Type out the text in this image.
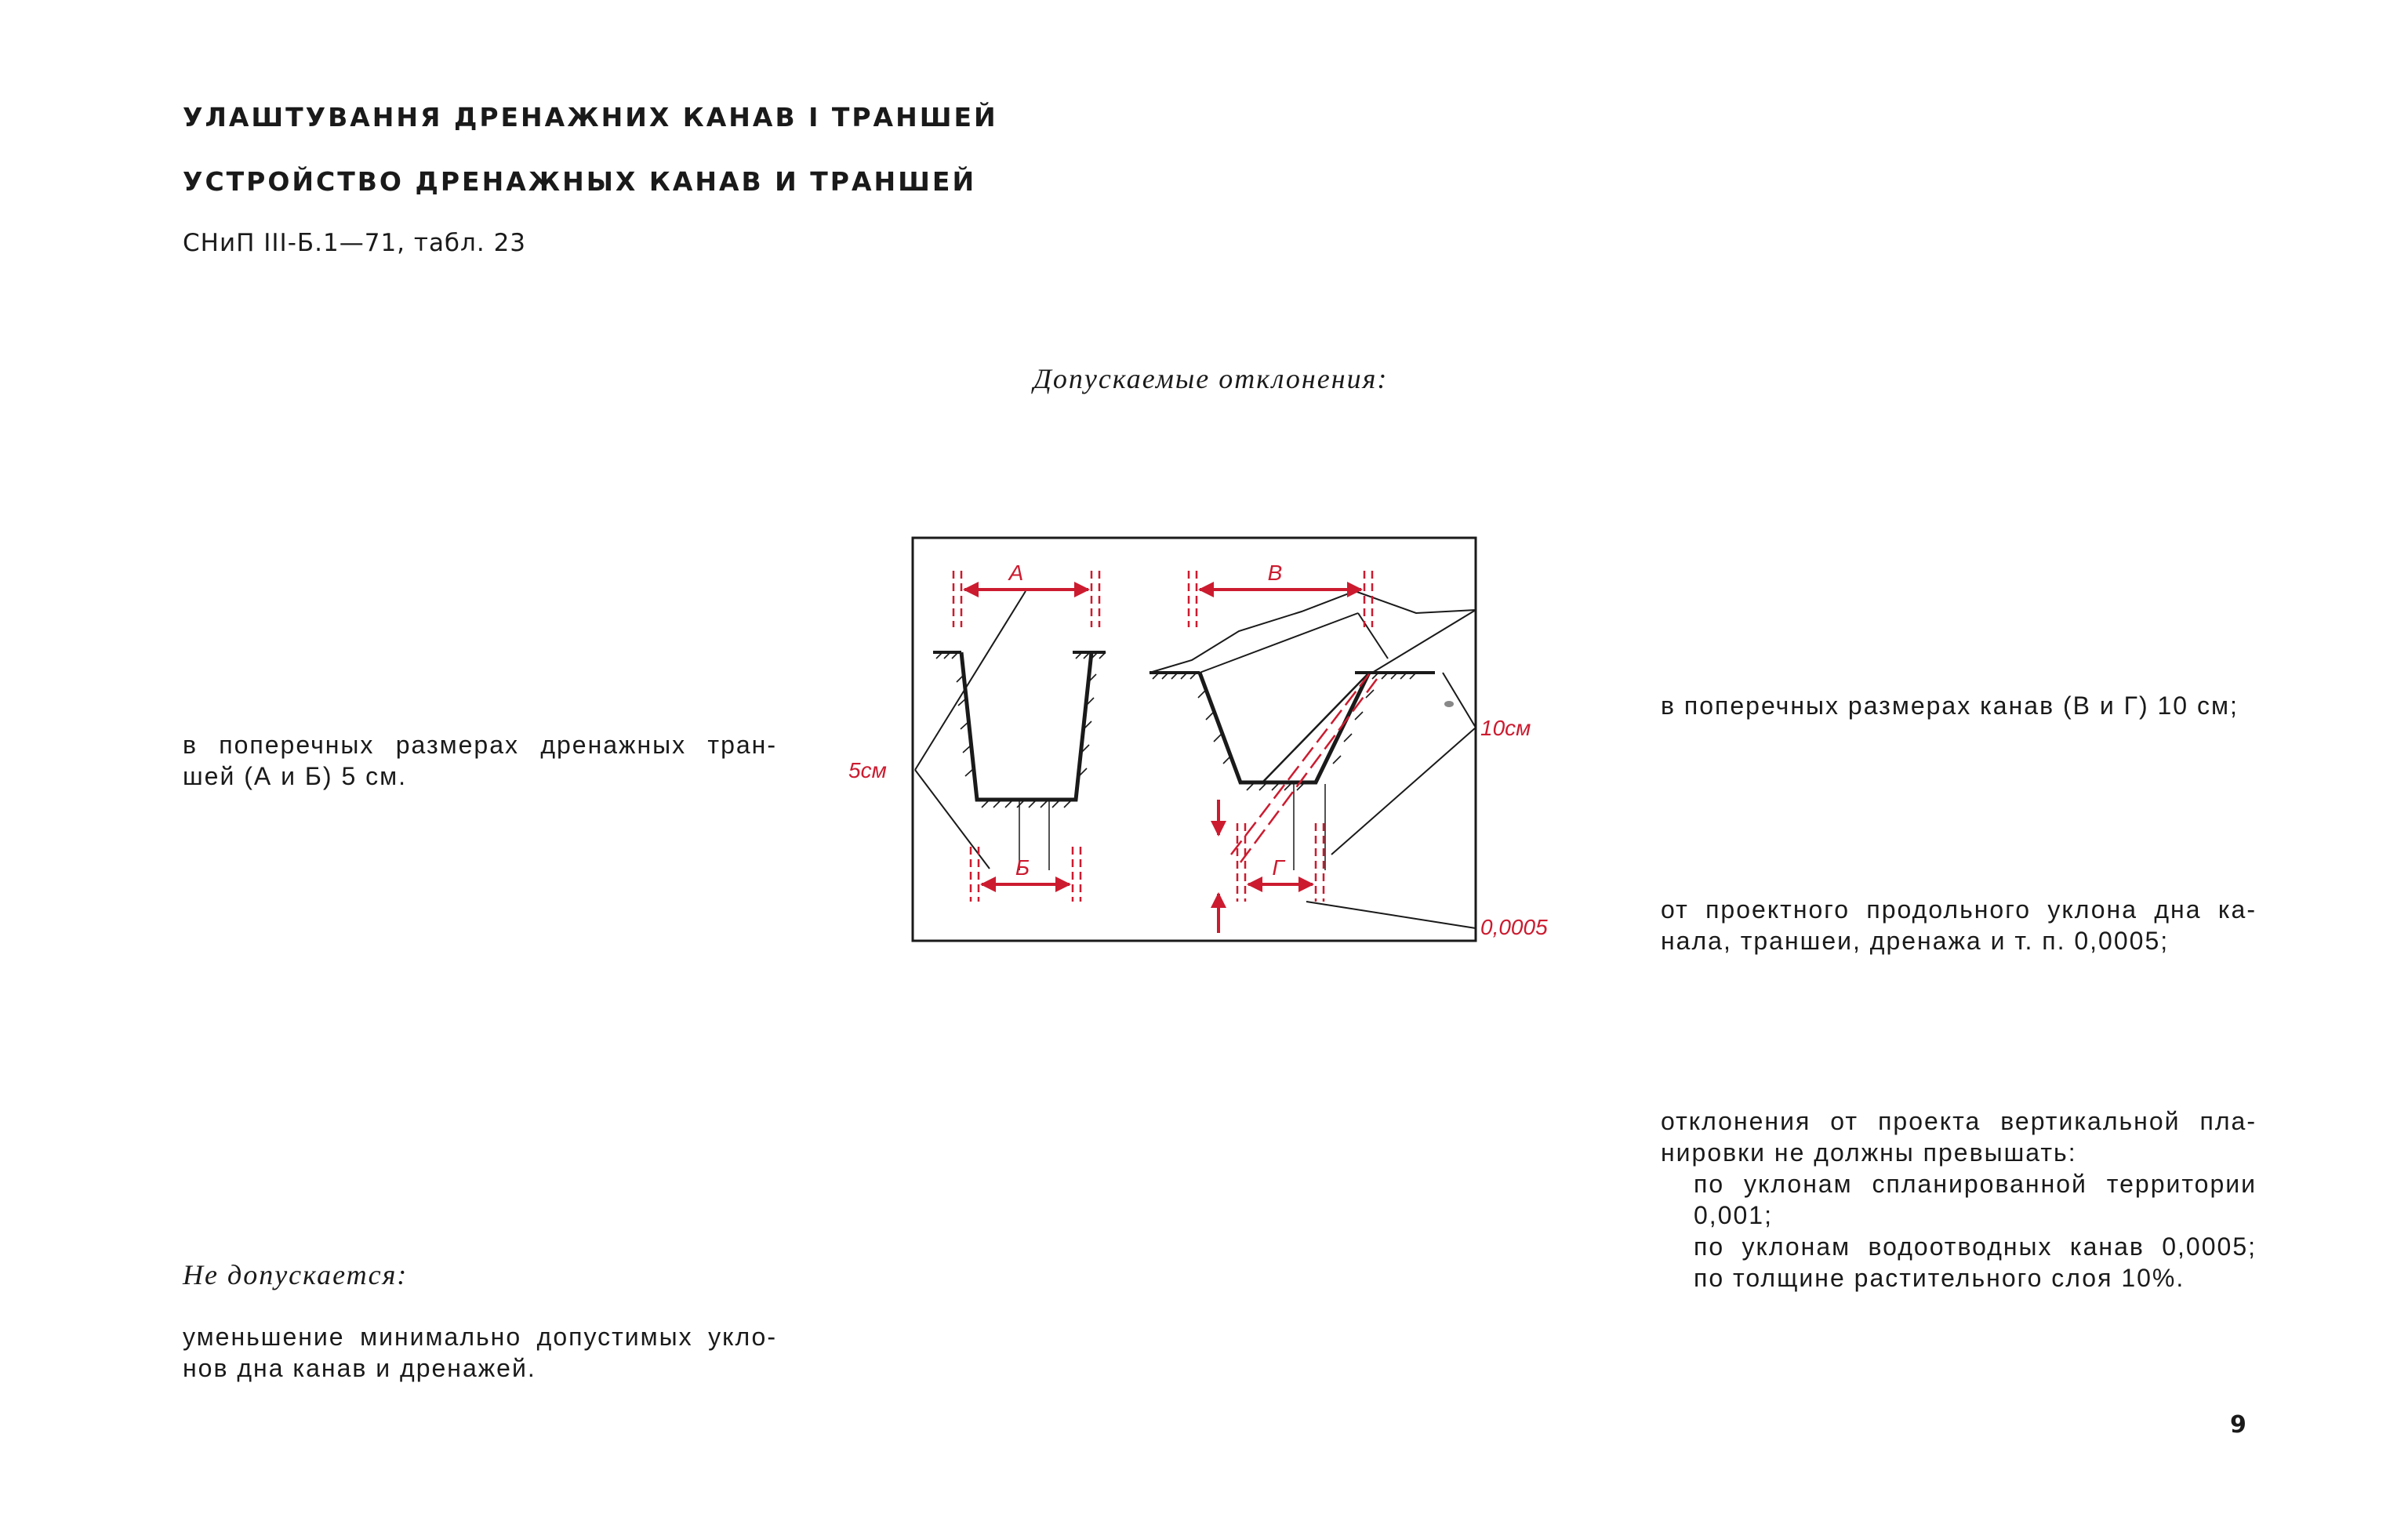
УЛАШТУВАННЯ ДРЕНАЖНИХ КАНАВ І ТРАНШЕЙ
УСТРОЙСТВО ДРЕНАЖНЫХ КАНАВ И ТРАНШЕЙ
СНиП III-Б.1—71, табл. 23
Допускаемые отклонения:

в поперечных размерах дренажных тран-

шей (А и Б) 5 см.

Не допускается:

уменьшение минимально допустимых укло-

нов дна канав и дренажей.

в поперечных размерах канав (В и Г) 10 см;

от проектного продольного уклона дна ка-

нала, траншеи, дренажа и т. п. 0,0005;

отклонения от проекта вертикальной пла-

нировки не должны превышать:

по уклонам спланированной территории

0,001;

по уклонам водоотводных канав 0,0005;

по толщине растительного слоя 10%.

9
А
Б
В
Г
5см
10см
0,0005
